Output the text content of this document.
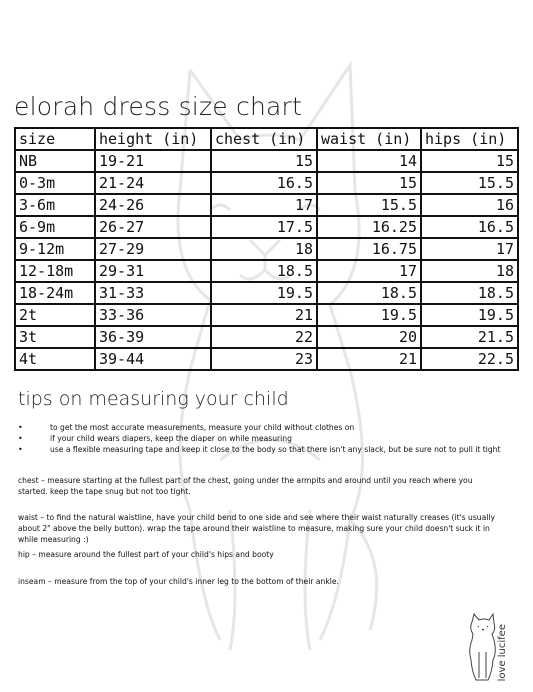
elorah dress size chart
size	height (in)	chest (in)	waist (in)	hips (in)
NB	19-21	15	14	15
0-3m	21-24	16.5	15	15.5
3-6m	24-26	17	15.5	16
6-9m	26-27	17.5	16.25	16.5
9-12m	27-29	18	16.75	17
12-18m	29-31	18.5	17	18
18-24m	31-33	19.5	18.5	18.5
2t	33-36	21	19.5	19.5
3t	36-39	22	20	21.5
4t	39-44	23	21	22.5
tips on measuring your child
• to get the most accurate measurements, measure your child without clothes on
• if your child wears diapers, keep the diaper on while measuring
• use a flexible measuring tape and keep it close to the body so that there isn't any slack, but be sure not to pull it tight
chest – measure starting at the fullest part of the chest, going under the armpits and around until you reach where you started. keep the tape snug but not too tight.
waist – to find the natural waistline, have your child bend to one side and see where their waist naturally creases (it's usually about 2" above the belly button). wrap the tape around their waistline to measure, making sure your child doesn't suck it in while measuring :)
hip – measure around the fullest part of your child's hips and booty
inseam – measure from the top of your child's inner leg to the bottom of their ankle.
love lucifee
